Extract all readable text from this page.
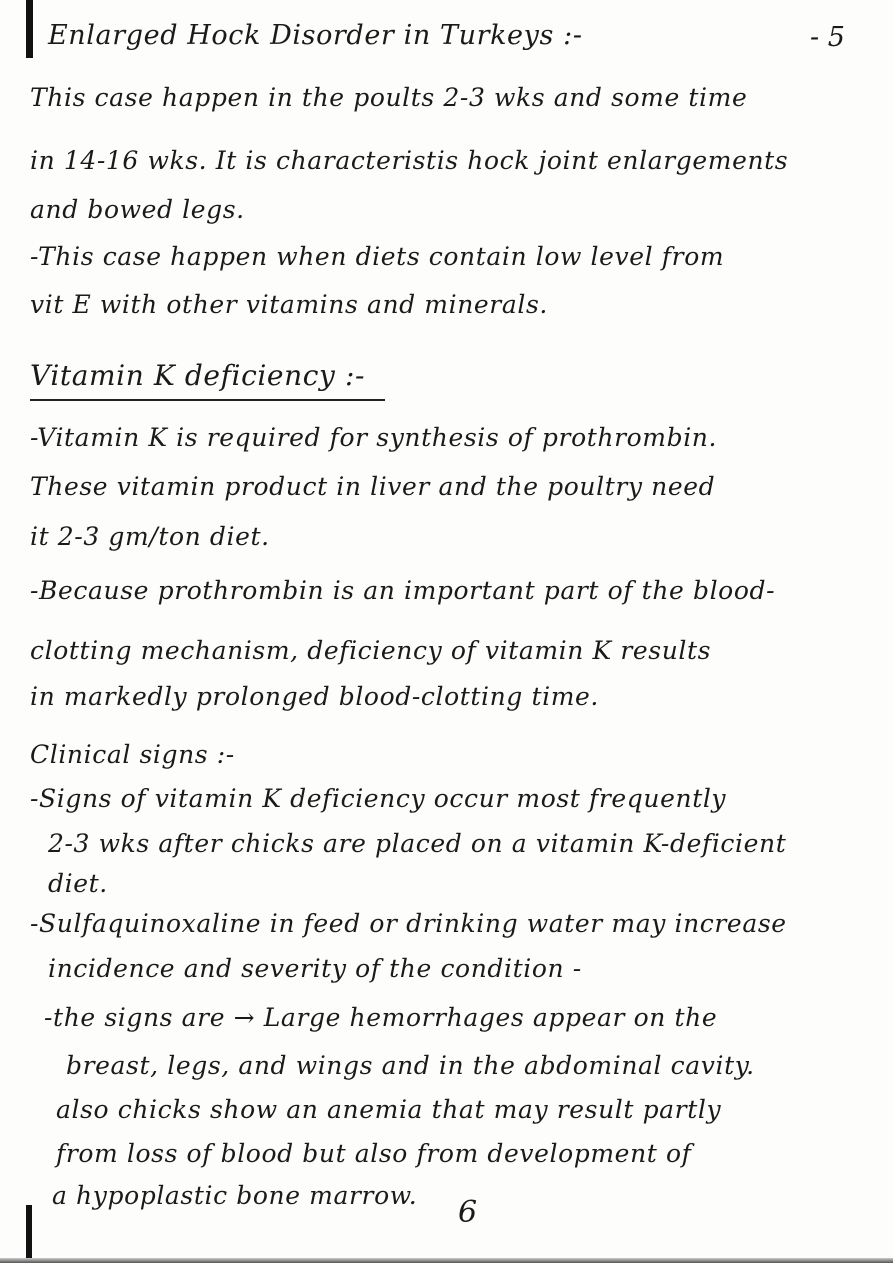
Enlarged Hock Disorder in Turkeys :-	- 5
This case happen in the poults 2-3 wks and some time
in 14-16 wks. It is characteristis hock joint enlargements
and bowed legs.
-This case happen when diets contain low level from
vit E with other vitamins and minerals.
Vitamin K deficiency :-
-Vitamin K is required for synthesis of prothrombin.
These vitamin product in liver and the poultry need
it 2-3 gm/ton diet.
-Because prothrombin is an important part of the blood-
clotting mechanism, deficiency of vitamin K results
in markedly prolonged blood-clotting time.
Clinical signs :-
-Signs of vitamin K deficiency occur most frequently
2-3 wks after chicks are placed on a vitamin K-deficient
diet.
-Sulfaquinoxaline in feed or drinking water may increase
incidence and severity of the condition -
-the signs are → Large hemorrhages appear on the
breast, legs, and wings and in the abdominal cavity.
also chicks show an anemia that may result partly
from loss of blood but also from development of
a hypoplastic bone marrow. 6
